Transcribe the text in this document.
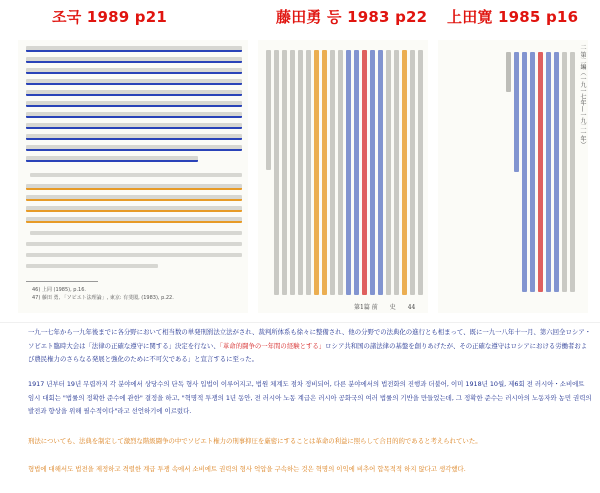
조국 1989 p21	藤田勇 등 1983 p22 上田寛 1985 p16
46) 上同 (1985), p.16.
47) 藤田 勇, 「ソビエト法理論」, 東京: 有斐閣, (1983), p.22.
第1篇 前　　史　　44
二 第二編（一九一七年—一九二一年）
一九一七年から一九年後までに各分野において相当数の単発刑罰法立法がされ、裁判所体系も徐々に整備され、他の分野での法典化の進行とも相まって、既に一九一八年十一月、第六回全ロシア・ソビエト臨時大会は「法律の正確な遵守に関する」決定を行ない、「革命的闘争の一年間の経験とする」ロシア共和国の諸法律の基盤を創りあげたが、その正確な遵守はロシアにおける労働者および農民権力のさらなる発展と強化のために不可欠である」と宣言するに至った。
1917 년부터 19년 무렵까지 각 분야에서 상당수의 단독 형사 입법이 이루어지고, 법원 체계도 점차 정비되어, 다른 분야에서의 법전화의 진행과 더불어, 이미 1918년 10월, 제6회 전 러시아・소비에트 임시 대회는 "법률의 정확한 준수에 관한" 결정을 하고, "혁명적 투쟁의 1년 동안, 전 러시아 노동 계급은 러시아 공화국의 여러 법률의 기반을 만들었는데, 그 정확한 준수는 러시아의 노동자와 농민 권력의 발전과 향상을 위해 필수적이다"라고 선언하기에 이르렀다.
刑法についても、法典を制定して激烈な階級闘争の中でソビエト権力の刑事抑圧を厳密にすることは革命の利益に照らして合目的的であると考えられていた。
형법에 대해서도 법전을 제정하고 격렬한 계급 투쟁 속에서 소비에트 권력의 형사 억압을 구속하는 것은 혁명의 이익에 비추어 합목적적 하지 않다고 생각했다.
